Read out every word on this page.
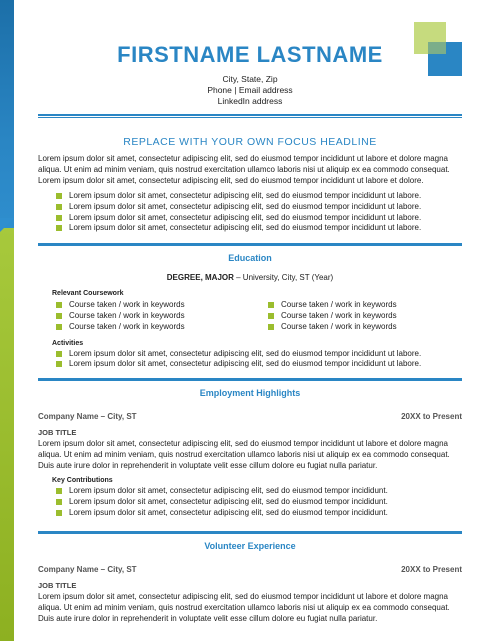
FIRSTNAME LASTNAME
City, State, Zip
Phone | Email address
LinkedIn address
REPLACE WITH YOUR OWN FOCUS HEADLINE
Lorem ipsum dolor sit amet, consectetur adipiscing elit, sed do eiusmod tempor incididunt ut labore et dolore magna aliqua. Ut enim ad minim veniam, quis nostrud exercitation ullamco laboris nisi ut aliquip ex ea commodo consequat. Lorem ipsum dolor sit amet, consectetur adipiscing elit, sed do eiusmod tempor incididunt ut labore et dolore.
Lorem ipsum dolor sit amet, consectetur adipiscing elit, sed do eiusmod tempor incididunt ut labore.
Lorem ipsum dolor sit amet, consectetur adipiscing elit, sed do eiusmod tempor incididunt ut labore.
Lorem ipsum dolor sit amet, consectetur adipiscing elit, sed do eiusmod tempor incididunt ut labore.
Lorem ipsum dolor sit amet, consectetur adipiscing elit, sed do eiusmod tempor incididunt ut labore.
Education
DEGREE, MAJOR – University, City, ST (Year)
Relevant Coursework
Course taken / work in keywords
Course taken / work in keywords
Course taken / work in keywords
Course taken / work in keywords
Course taken / work in keywords
Course taken / work in keywords
Activities
Lorem ipsum dolor sit amet, consectetur adipiscing elit, sed do eiusmod tempor incididunt ut labore.
Lorem ipsum dolor sit amet, consectetur adipiscing elit, sed do eiusmod tempor incididunt ut labore.
Employment Highlights
Company Name – City, ST	20XX to Present
JOB TITLE
Lorem ipsum dolor sit amet, consectetur adipiscing elit, sed do eiusmod tempor incididunt ut labore et dolore magna aliqua. Ut enim ad minim veniam, quis nostrud exercitation ullamco laboris nisi ut aliquip ex ea commodo consequat. Duis aute irure dolor in reprehenderit in voluptate velit esse cillum dolore eu fugiat nulla pariatur.
Key Contributions
Lorem ipsum dolor sit amet, consectetur adipiscing elit, sed do eiusmod tempor incididunt.
Lorem ipsum dolor sit amet, consectetur adipiscing elit, sed do eiusmod tempor incididunt.
Lorem ipsum dolor sit amet, consectetur adipiscing elit, sed do eiusmod tempor incididunt.
Volunteer Experience
Company Name – City, ST	20XX to Present
JOB TITLE
Lorem ipsum dolor sit amet, consectetur adipiscing elit, sed do eiusmod tempor incididunt ut labore et dolore magna aliqua. Ut enim ad minim veniam, quis nostrud exercitation ullamco laboris nisi ut aliquip ex ea commodo consequat. Duis aute irure dolor in reprehenderit in voluptate velit esse cillum dolore eu fugiat nulla pariatur.
